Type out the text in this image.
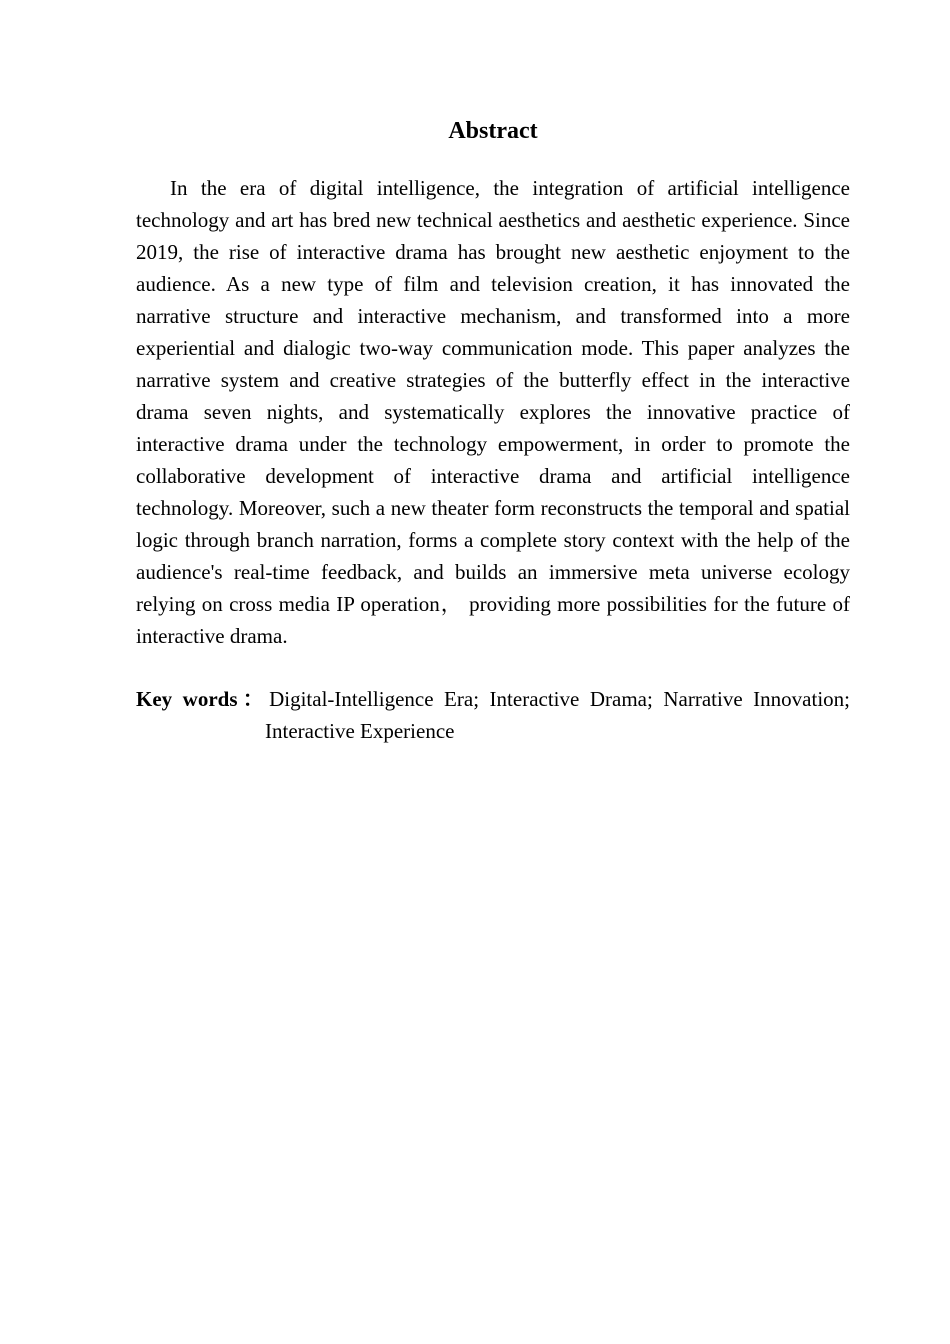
Abstract

In the era of digital intelligence, the integration of artificial intelligence technology and art has bred new technical aesthetics and aesthetic experience. Since 2019, the rise of interactive drama has brought new aesthetic enjoyment to the audience. As a new type of film and television creation, it has innovated the narrative structure and interactive mechanism, and transformed into a more experiential and dialogic two-way communication mode. This paper analyzes the narrative system and creative strategies of the butterfly effect in the interactive drama seven nights, and systematically explores the innovative practice of interactive drama under the technology empowerment, in order to promote the collaborative development of interactive drama and artificial intelligence technology. Moreover, such a new theater form reconstructs the temporal and spatial logic through branch narration, forms a complete story context with the help of the audience's real-time feedback, and builds an immersive meta universe ecology relying on cross media IP operation， providing more possibilities for the future of interactive drama.

Key words：Digital-Intelligence Era; Interactive Drama; Narrative Innovation;
Interactive Experience
